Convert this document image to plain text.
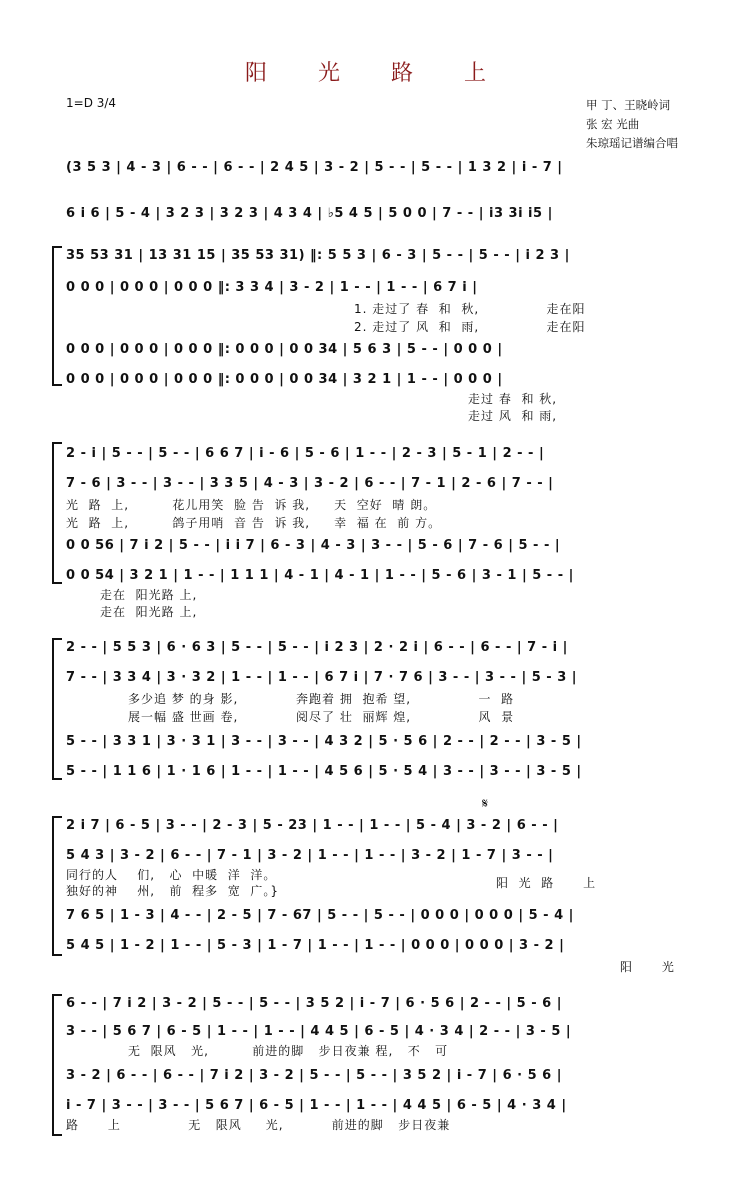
阳 光 路 上
1=D 3/4	甲 丁、王晓岭词
张 宏 光曲
朱琼瑶记谱编合唱
(3 5 3 | 4 - 3 | 6 - - | 6 - - | 2 4 5 | 3 - 2 | 5 - - | 5 - - | 1 3 2 | i - 7 |
6 i 6 | 5 - 4 | 3 2 3 | 3 2 3 | 4 3 4 | ♭5 4 5 | 5 0 0 | 7 - - | i3 3i i5 |
35 53 31 | 13 31 15 | 35 53 31) ‖: 5 5 3 | 6 - 3 | 5 - - | 5 - - | i 2 3 |
0 0 0 | 0 0 0 | 0 0 0 ‖: 3 3 4 | 3 - 2 | 1 - - | 1 - - | 6 7 i |
1. 走过了 春  和  秋,              走在阳
2. 走过了 风  和  雨,              走在阳
0 0 0 | 0 0 0 | 0 0 0 ‖: 0 0 0 | 0 0 34 | 5 6 3 | 5 - - | 0 0 0 |
0 0 0 | 0 0 0 | 0 0 0 ‖: 0 0 0 | 0 0 34 | 3 2 1 | 1 - - | 0 0 0 |
走过 春  和 秋,
走过 风  和 雨,
2 - i | 5 - - | 5 - - | 6 6 7 | i - 6 | 5 - 6 | 1 - - | 2 - 3 | 5 - 1 | 2 - - |
7 - 6 | 3 - - | 3 - - | 3 3 5 | 4 - 3 | 3 - 2 | 6 - - | 7 - 1 | 2 - 6 | 7 - - |
光  路  上,         花儿用笑  脸 告  诉 我,     天  空好  晴 朗。
光  路  上,         鸽子用哨  音 告  诉 我,     幸  福 在  前 方。
0 0 56 | 7 i 2 | 5 - - | i i 7 | 6 - 3 | 4 - 3 | 3 - - | 5 - 6 | 7 - 6 | 5 - - |
0 0 54 | 3 2 1 | 1 - - | 1 1 1 | 4 - 1 | 4 - 1 | 1 - - | 5 - 6 | 3 - 1 | 5 - - |
走在  阳光路 上,
走在  阳光路 上,
2 - - | 5 5 3 | 6 · 6 3 | 5 - - | 5 - - | i 2 3 | 2 · 2 i | 6 - - | 6 - - | 7 - i |
7 - - | 3 3 4 | 3 · 3 2 | 1 - - | 1 - - | 6 7 i | 7 · 7 6 | 3 - - | 3 - - | 5 - 3 |
多少追 梦 的身 影,            奔跑着 拥  抱希 望,              一  路
展一幅 盛 世画 卷,            阅尽了 壮  丽辉 煌,              风  景
5 - - | 3 3 1 | 3 · 3 1 | 3 - - | 3 - - | 4 3 2 | 5 · 5 6 | 2 - - | 2 - - | 3 - 5 |
5 - - | 1 1 6 | 1 · 1 6 | 1 - - | 1 - - | 4 5 6 | 5 · 5 4 | 3 - - | 3 - - | 3 - 5 |
𝄋
2 i 7 | 6 - 5 | 3 - - | 2 - 3 | 5 - 23 | 1 - - | 1 - - | 5 - 4 | 3 - 2 | 6 - - |
5 4 3 | 3 - 2 | 6 - - | 7 - 1 | 3 - 2 | 1 - - | 1 - - | 3 - 2 | 1 - 7 | 3 - - |
同行的人    们,   心  中暖  洋  洋。
独好的神    州,   前  程多  宽  广。}
阳  光  路      上
7 6 5 | 1 - 3 | 4 - - | 2 - 5 | 7 - 67 | 5 - - | 5 - - | 0 0 0 | 0 0 0 | 5 - 4 |
5 4 5 | 1 - 2 | 1 - - | 5 - 3 | 1 - 7 | 1 - - | 1 - - | 0 0 0 | 0 0 0 | 3 - 2 |
阳      光
6 - - | 7 i 2 | 3 - 2 | 5 - - | 5 - - | 3 5 2 | i - 7 | 6 · 5 6 | 2 - - | 5 - 6 |
3 - - | 5 6 7 | 6 - 5 | 1 - - | 1 - - | 4 4 5 | 6 - 5 | 4 · 3 4 | 2 - - | 3 - 5 |
无  限风   光,         前进的脚   步日夜兼 程,   不   可
3 - 2 | 6 - - | 6 - - | 7 i 2 | 3 - 2 | 5 - - | 5 - - | 3 5 2 | i - 7 | 6 · 5 6 |
i - 7 | 3 - - | 3 - - | 5 6 7 | 6 - 5 | 1 - - | 1 - - | 4 4 5 | 6 - 5 | 4 · 3 4 |
路      上              无   限风     光,          前进的脚   步日夜兼
